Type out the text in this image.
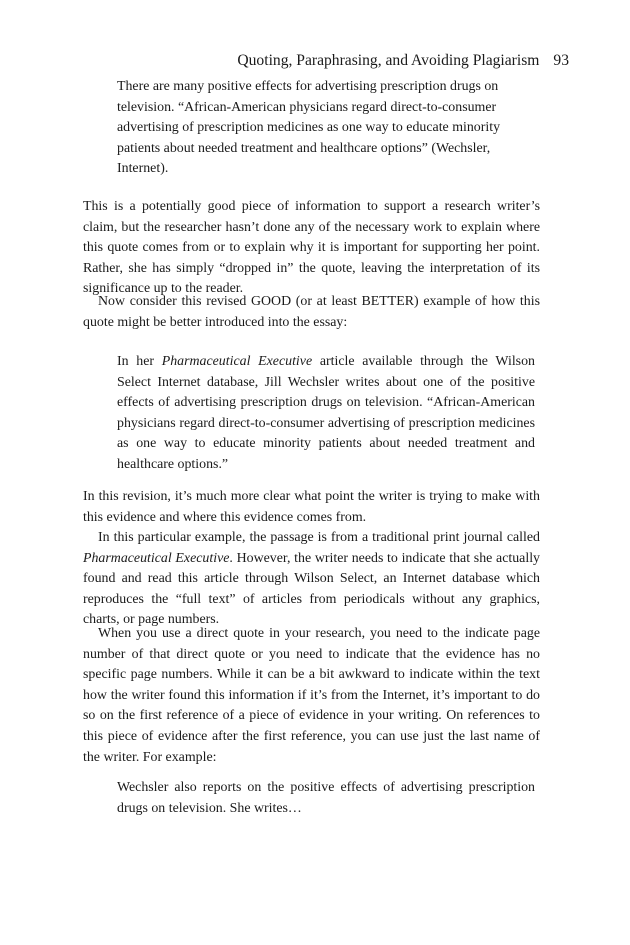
Quoting, Paraphrasing, and Avoiding Plagiarism 93

There are many positive effects for advertising prescription drugs on television. “African-American physicians regard direct-to-consumer advertising of prescription medicines as one way to educate minority patients about needed treatment and healthcare options” (Wechsler, Internet).

This is a potentially good piece of information to support a research writer’s claim, but the researcher hasn’t done any of the necessary work to explain where this quote comes from or to explain why it is important for supporting her point. Rather, she has simply “dropped in” the quote, leaving the interpretation of its significance up to the reader.

Now consider this revised GOOD (or at least BETTER) example of how this quote might be better introduced into the essay:

In her Pharmaceutical Executive article available through the Wilson Select Internet database, Jill Wechsler writes about one of the positive effects of advertising prescription drugs on television. “African-American physicians regard direct-to-consumer advertising of prescription medicines as one way to educate minority patients about needed treatment and healthcare options.”

In this revision, it’s much more clear what point the writer is trying to make with this evidence and where this evidence comes from.

In this particular example, the passage is from a traditional print journal called Pharmaceutical Executive. However, the writer needs to indicate that she actually found and read this article through Wilson Select, an Internet database which reproduces the “full text” of articles from periodicals without any graphics, charts, or page numbers.

When you use a direct quote in your research, you need to the indicate page number of that direct quote or you need to indicate that the evidence has no specific page numbers. While it can be a bit awkward to indicate within the text how the writer found this information if it’s from the Internet, it’s important to do so on the first reference of a piece of evidence in your writing. On references to this piece of evidence after the first reference, you can use just the last name of the writer. For example:

Wechsler also reports on the positive effects of advertising prescription drugs on television. She writes…
